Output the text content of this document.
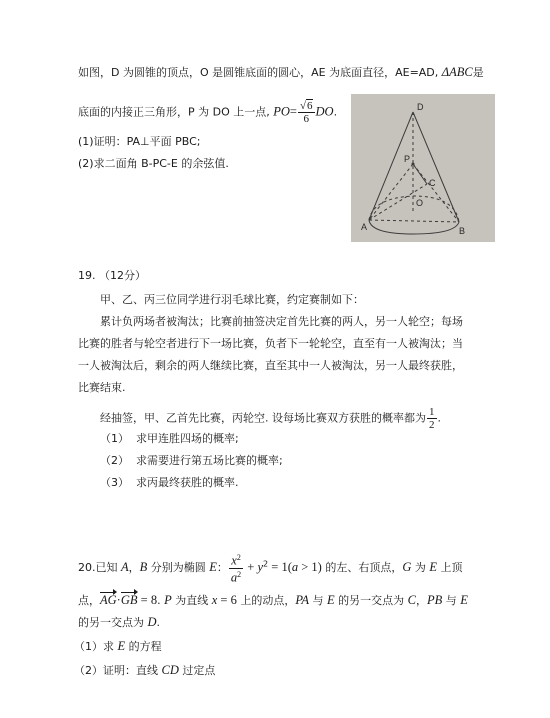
如图，D 为圆锥的顶点，O 是圆锥底面的圆心，AE 为底面直径，AE=AD, ΔABC是
底面的内接正三角形，P 为 DO 上一点, $PO= \frac{√6}{6}$ DO.
(1)证明：PA⊥平面 PBC;
(2)求二面角 B-PC-E 的余弦值.
D
P
C
O
A	B
19. （12分）
甲、乙、丙三位同学进行羽毛球比赛，约定赛制如下：
累计负两场者被淘汰；比赛前抽签决定首先比赛的两人，另一人轮空；每场
比赛的胜者与轮空者进行下一场比赛，负者下一轮轮空，直至有一人被淘汰；当
一人被淘汰后，剩余的两人继续比赛，直至其中一人被淘汰，另一人最终获胜，
比赛结束.
经抽签，甲、乙首先比赛，丙轮空. 设每场比赛双方获胜的概率都为 $\frac{1}{2}$ .
（1） 求甲连胜四场的概率;
（2） 求需要进行第五场比赛的概率;
（3） 求丙最终获胜的概率.
20.已知 A，B 分别为椭圆 E： $\frac{x^2}{a^2} + y^2 = 1(a > 1)$ 的左、右顶点，G 为 E 上顶
点，AG·GB = 8. P 为直线 x = 6 上的动点，PA 与 E 的另一交点为 C，PB 与 E
的另一交点为 D.
（1）求 E 的方程
（2）证明：直线 CD 过定点
